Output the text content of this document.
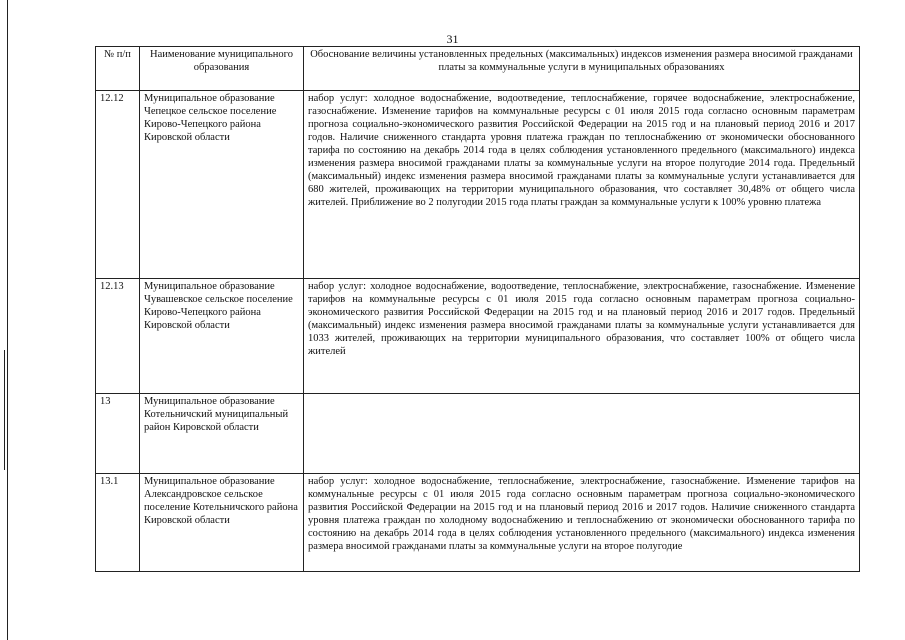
31
№ п/п	Наименование муниципального образования	Обоснование величины установленных предельных (максимальных) индексов изменения размера вносимой гражданами платы за коммунальные услуги в муниципальных образованиях
12.12	Муниципальное образование Чепецкое сельское поселение Кирово-Чепецкого района Кировской области	набор услуг: холодное водоснабжение, водоотведение, теплоснабжение, горячее водоснабжение, электроснабжение, газоснабжение. Изменение тарифов на коммунальные ресурсы с 01 июля 2015 года согласно основным параметрам прогноза социально-экономического развития Российской Федерации на 2015 год и на плановый период 2016 и 2017 годов. Наличие сниженного стандарта уровня платежа граждан по теплоснабжению от экономически обоснованного тарифа по состоянию на декабрь 2014 года в целях соблюдения установленного предельного (максимального) индекса изменения размера вносимой гражданами платы за коммунальные услуги на второе полугодие 2014 года. Предельный (максимальный) индекс изменения размера вносимой гражданами платы за коммунальные услуги устанавливается для 680 жителей, проживающих на территории муниципального образования, что составляет 30,48% от общего числа жителей. Приближение во 2 полугодии 2015 года платы граждан за коммунальные услуги к 100% уровню платежа
12.13	Муниципальное образование Чувашевское сельское поселение Кирово-Чепецкого района Кировской области	набор услуг: холодное водоснабжение, водоотведение, теплоснабжение, электроснабжение, газоснабжение. Изменение тарифов на коммунальные ресурсы с 01 июля 2015 года согласно основным параметрам прогноза социально-экономического развития Российской Федерации на 2015 год и на плановый период 2016 и 2017 годов. Предельный (максимальный) индекс изменения размера вносимой гражданами платы за коммунальные услуги устанавливается для 1033 жителей, проживающих на территории муниципального образования, что составляет 100% от общего числа жителей
13	Муниципальное образование Котельничский муниципальный район Кировской области	
13.1	Муниципальное образование Александровское сельское поселение Котельничского района Кировской области	набор услуг: холодное водоснабжение, теплоснабжение, электроснабжение, газоснабжение. Изменение тарифов на коммунальные ресурсы с 01 июля 2015 года согласно основным параметрам прогноза социально-экономического развития Российской Федерации на 2015 год и на плановый период 2016 и 2017 годов. Наличие сниженного стандарта уровня платежа граждан по холодному водоснабжению и теплоснабжению от экономически обоснованного тарифа по состоянию на декабрь 2014 года в целях соблюдения установленного предельного (максимального) индекса изменения размера вносимой гражданами платы за коммунальные услуги на второе полугодие
